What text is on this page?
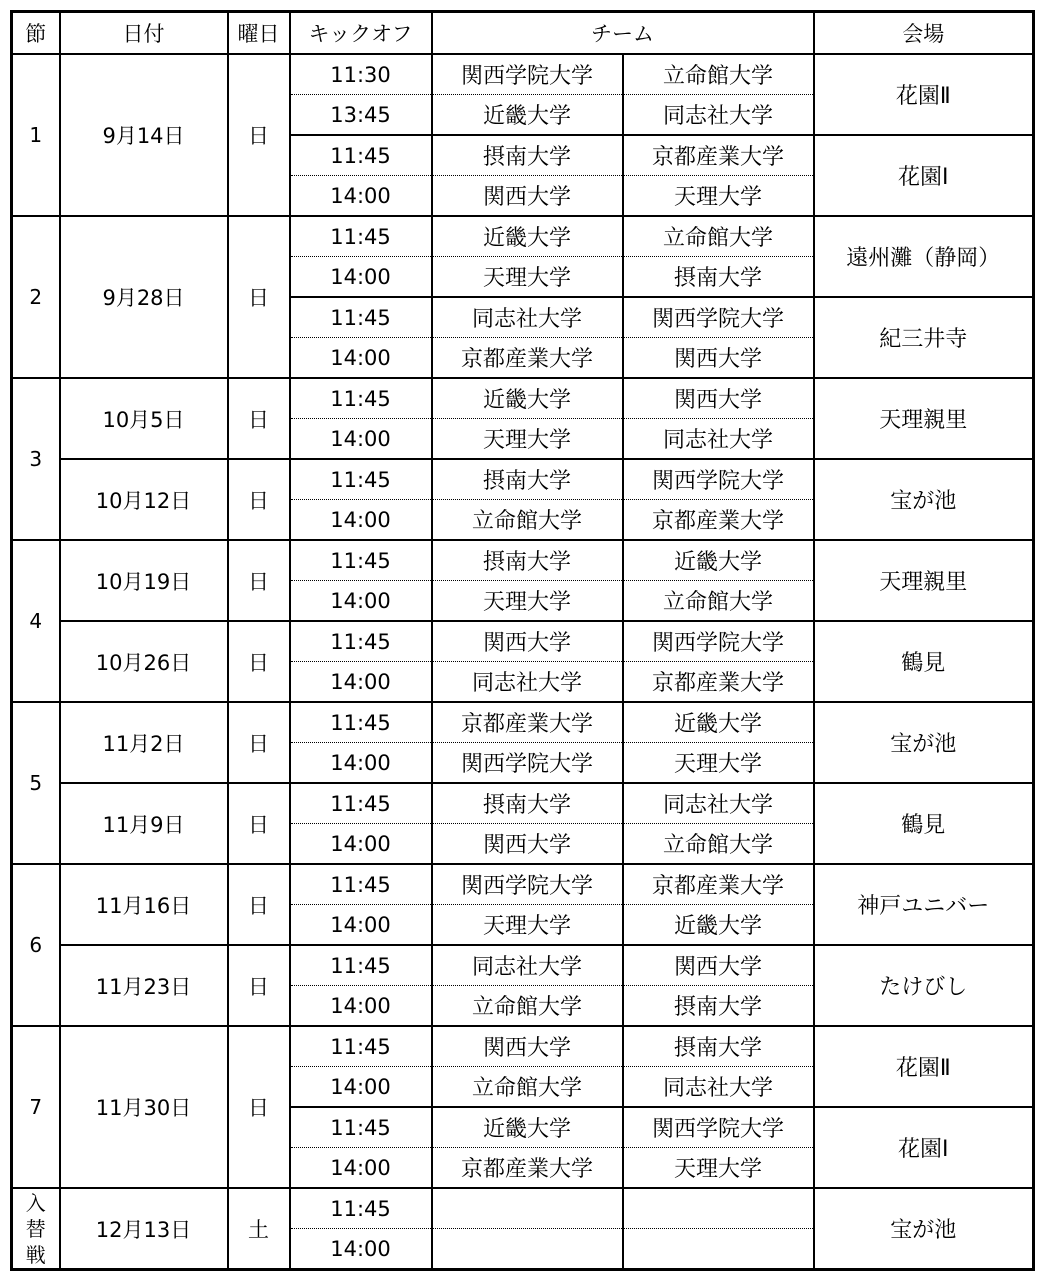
節	日付	曜日	キックオフ	チーム		会場
1	9月14日	日	11:30	関西学院大学	立命館大学	花園Ⅱ
			13:45	近畿大学	同志社大学	
			11:45	摂南大学	京都産業大学	花園Ⅰ
			14:00	関西大学	天理大学	
2	9月28日	日	11:45	近畿大学	立命館大学	遠州灘（静岡）
			14:00	天理大学	摂南大学	
			11:45	同志社大学	関西学院大学	紀三井寺
			14:00	京都産業大学	関西大学	
3	10月5日	日	11:45	近畿大学	関西大学	天理親里
			14:00	天理大学	同志社大学	
	10月12日	日	11:45	摂南大学	関西学院大学	宝が池
			14:00	立命館大学	京都産業大学	
4	10月19日	日	11:45	摂南大学	近畿大学	天理親里
			14:00	天理大学	立命館大学	
	10月26日	日	11:45	関西大学	関西学院大学	鶴見
			14:00	同志社大学	京都産業大学	
5	11月2日	日	11:45	京都産業大学	近畿大学	宝が池
			14:00	関西学院大学	天理大学	
	11月9日	日	11:45	摂南大学	同志社大学	鶴見
			14:00	関西大学	立命館大学	
6	11月16日	日	11:45	関西学院大学	京都産業大学	神戸ユニバー
			14:00	天理大学	近畿大学	
	11月23日	日	11:45	同志社大学	関西大学	たけびし
			14:00	立命館大学	摂南大学	
7	11月30日	日	11:45	関西大学	摂南大学	花園Ⅱ
			14:00	立命館大学	同志社大学	
			11:45	近畿大学	関西学院大学	花園Ⅰ
			14:00	京都産業大学	天理大学	
入
替
戦	12月13日	土	11:45			宝が池
			14:00			
